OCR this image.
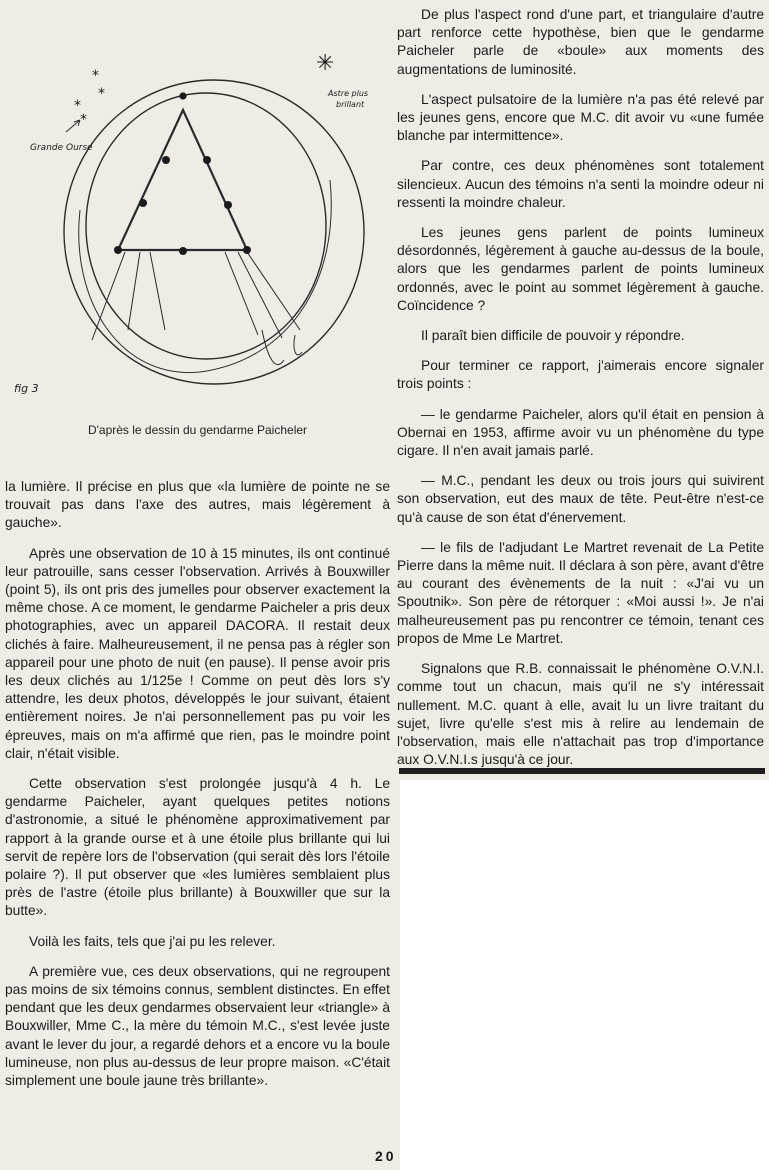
*
*
*
*
✳
Grande Ourse
Astre plus
brillant
fig 3
D'après le dessin du gendarme Paicheler

la lumière. Il précise en plus que «la lumière de pointe ne se trouvait pas dans l'axe des autres, mais légèrement à gauche».

Après une observation de 10 à 15 minutes, ils ont continué leur patrouille, sans cesser l'observation. Arrivés à Bouxwiller (point 5), ils ont pris des jumelles pour observer exactement la même chose. A ce moment, le gendarme Paicheler a pris deux photographies, avec un appareil DACORA. Il restait deux clichés à faire. Malheureusement, il ne pensa pas à régler son appareil pour une photo de nuit (en pause). Il pense avoir pris les deux clichés au 1/125e ! Comme on peut dès lors s'y attendre, les deux photos, développés le jour suivant, étaient entièrement noires. Je n'ai personnellement pas pu voir les épreuves, mais on m'a affirmé que rien, pas le moindre point clair, n'était visible.

Cette observation s'est prolongée jusqu'à 4 h. Le gendarme Paicheler, ayant quelques petites notions d'astronomie, a situé le phénomène approximativement par rapport à la grande ourse et à une étoile plus brillante qui lui servit de repère lors de l'observation (qui serait dès lors l'étoile polaire ?). Il put observer que «les lumières semblaient plus près de l'astre (étoile plus brillante) à Bouxwiller que sur la butte».

Voilà les faits, tels que j'ai pu les relever.

A première vue, ces deux observations, qui ne regroupent pas moins de six témoins connus, semblent distinctes. En effet pendant que les deux gendarmes observaient leur «triangle» à Bouxwiller, Mme C., la mère du témoin M.C., s'est levée juste avant le lever du jour, a regardé dehors et a encore vu la boule lumineuse, non plus au-dessus de leur propre maison. «C'était simplement une boule jaune très brillante».

De plus l'aspect rond d'une part, et triangulaire d'autre part renforce cette hypothèse, bien que le gendarme Paicheler parle de «boule» aux moments des augmentations de luminosité.

L'aspect pulsatoire de la lumière n'a pas été relevé par les jeunes gens, encore que M.C. dit avoir vu «une fumée blanche par intermittence».

Par contre, ces deux phénomènes sont totalement silencieux. Aucun des témoins n'a senti la moindre odeur ni ressenti la moindre chaleur.

Les jeunes gens parlent de points lumineux désordonnés, légèrement à gauche au-dessus de la boule, alors que les gendarmes parlent de points lumineux ordonnés, avec le point au sommet légèrement à gauche. Coïncidence ?

Il paraît bien difficile de pouvoir y répondre.

Pour terminer ce rapport, j'aimerais encore signaler trois points :

— le gendarme Paicheler, alors qu'il était en pension à Obernai en 1953, affirme avoir vu un phénomène du type cigare. Il n'en avait jamais parlé.

— M.C., pendant les deux ou trois jours qui suivirent son observation, eut des maux de tête. Peut-être n'est-ce qu'à cause de son état d'énervement.

— le fils de l'adjudant Le Martret revenait de La Petite Pierre dans la même nuit. Il déclara à son père, avant d'être au courant des évènements de la nuit : «J'ai vu un Spoutnik». Son père de rétorquer : «Moi aussi !». Je n'ai malheureusement pas pu rencontrer ce témoin, tenant ces propos de Mme Le Martret.

Signalons que R.B. connaissait le phénomène O.V.N.I. comme tout un chacun, mais qu'il ne s'y intéressait nullement. M.C. quant à elle, avait lu un livre traitant du sujet, livre qu'elle s'est mis à relire au lendemain de l'observation, mais elle n'attachait pas trop d'importance aux O.V.N.I.s jusqu'à ce jour.

20
